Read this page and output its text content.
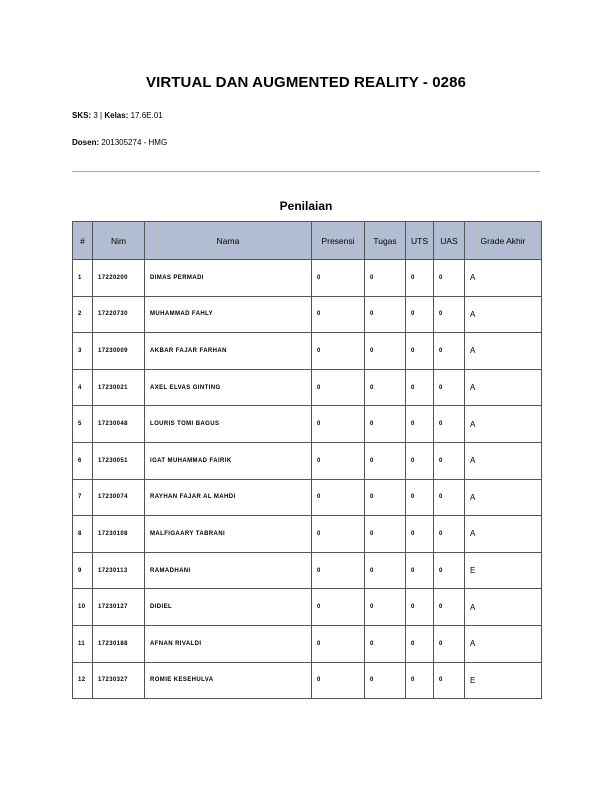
VIRTUAL DAN AUGMENTED REALITY - 0286
SKS: 3 | Kelas: 17.6E.01
Dosen: 201305274 - HMG
Penilaian
#	Nim	Nama	Presensi	Tugas	UTS	UAS	Grade Akhir
1	17220200	DIMAS PERMADI	0	0	0	0	A
2	17220730	MUHAMMAD FAHLY	0	0	0	0	A
3	17230009	AKBAR FAJAR FARHAN	0	0	0	0	A
4	17230021	AXEL ELVAS GINTING	0	0	0	0	A
5	17230048	LOURIS TOMI BAGUS	0	0	0	0	A
6	17230051	IGAT MUHAMMAD FAIRIK	0	0	0	0	A
7	17230074	RAYHAN FAJAR AL MAHDI	0	0	0	0	A
8	17230108	MALFIGAARY TABRANI	0	0	0	0	A
9	17230113	RAMADHANI	0	0	0	0	E
10	17230127	DIDIEL	0	0	0	0	A
11	17230188	AFNAN RIVALDI	0	0	0	0	A
12	17230327	ROMIE KESEHULVA	0	0	0	0	E
